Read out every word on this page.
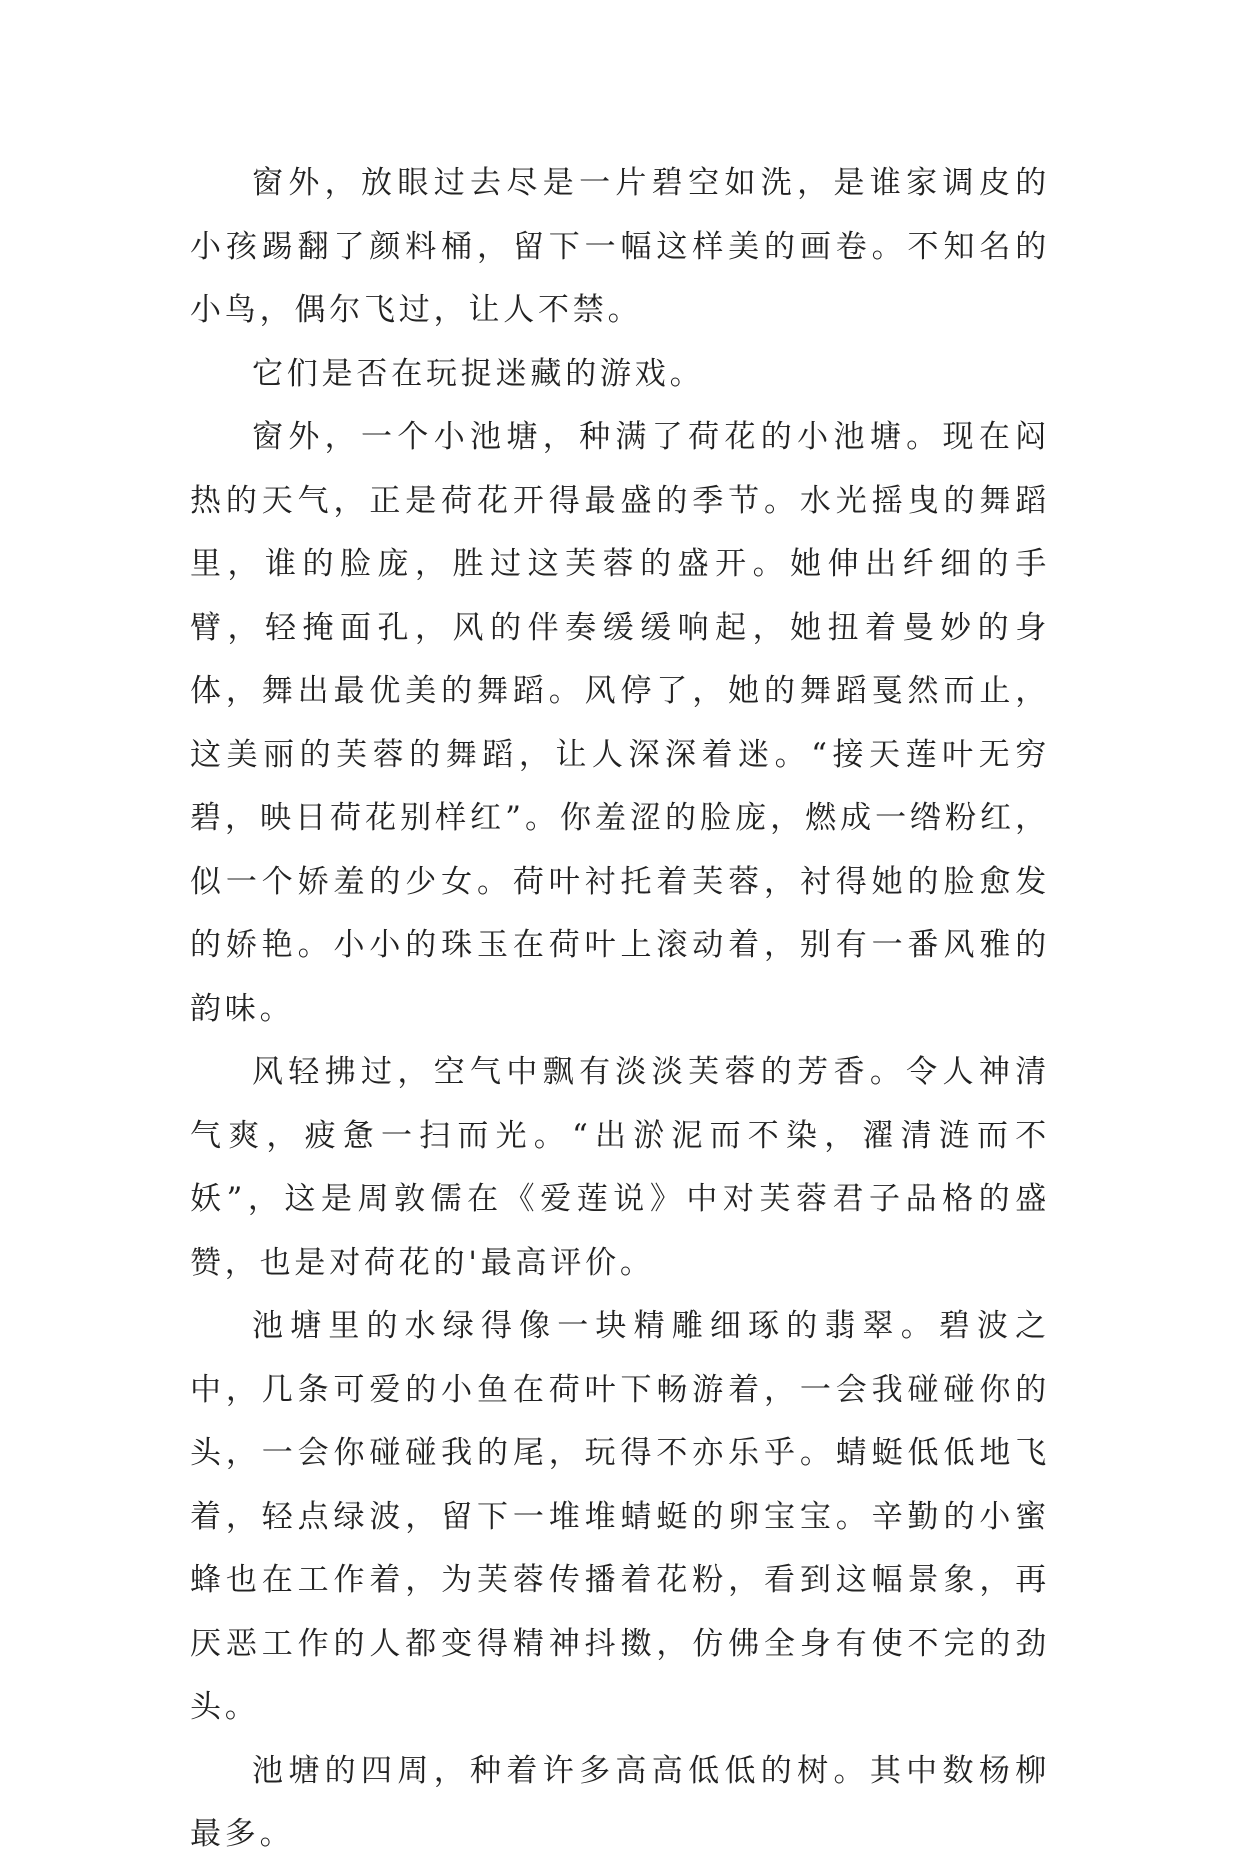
窗外，放眼过去尽是一片碧空如洗，是谁家调皮的小孩踢翻了颜料桶，留下一幅这样美的画卷。不知名的小鸟，偶尔飞过，让人不禁。

它们是否在玩捉迷藏的游戏。

窗外，一个小池塘，种满了荷花的小池塘。现在闷热的天气，正是荷花开得最盛的季节。水光摇曳的舞蹈里，谁的脸庞，胜过这芙蓉的盛开。她伸出纤细的手臂，轻掩面孔，风的伴奏缓缓响起，她扭着曼妙的身体，舞出最优美的舞蹈。风停了，她的舞蹈戛然而止，这美丽的芙蓉的舞蹈，让人深深着迷。“接天莲叶无穷碧，映日荷花别样红”。你羞涩的脸庞，燃成一绺粉红，似一个娇羞的少女。荷叶衬托着芙蓉，衬得她的脸愈发的娇艳。小小的珠玉在荷叶上滚动着，别有一番风雅的韵味。

风轻拂过，空气中飘有淡淡芙蓉的芳香。令人神清气爽，疲惫一扫而光。“出淤泥而不染，濯清涟而不妖”，这是周敦儒在《爱莲说》中对芙蓉君子品格的盛赞，也是对荷花的'最高评价。

池塘里的水绿得像一块精雕细琢的翡翠。碧波之中，几条可爱的小鱼在荷叶下畅游着，一会我碰碰你的头，一会你碰碰我的尾，玩得不亦乐乎。蜻蜓低低地飞着，轻点绿波，留下一堆堆蜻蜓的卵宝宝。辛勤的小蜜蜂也在工作着，为芙蓉传播着花粉，看到这幅景象，再厌恶工作的人都变得精神抖擞，仿佛全身有使不完的劲头。

池塘的四周，种着许多高高低低的树。其中数杨柳最多。
